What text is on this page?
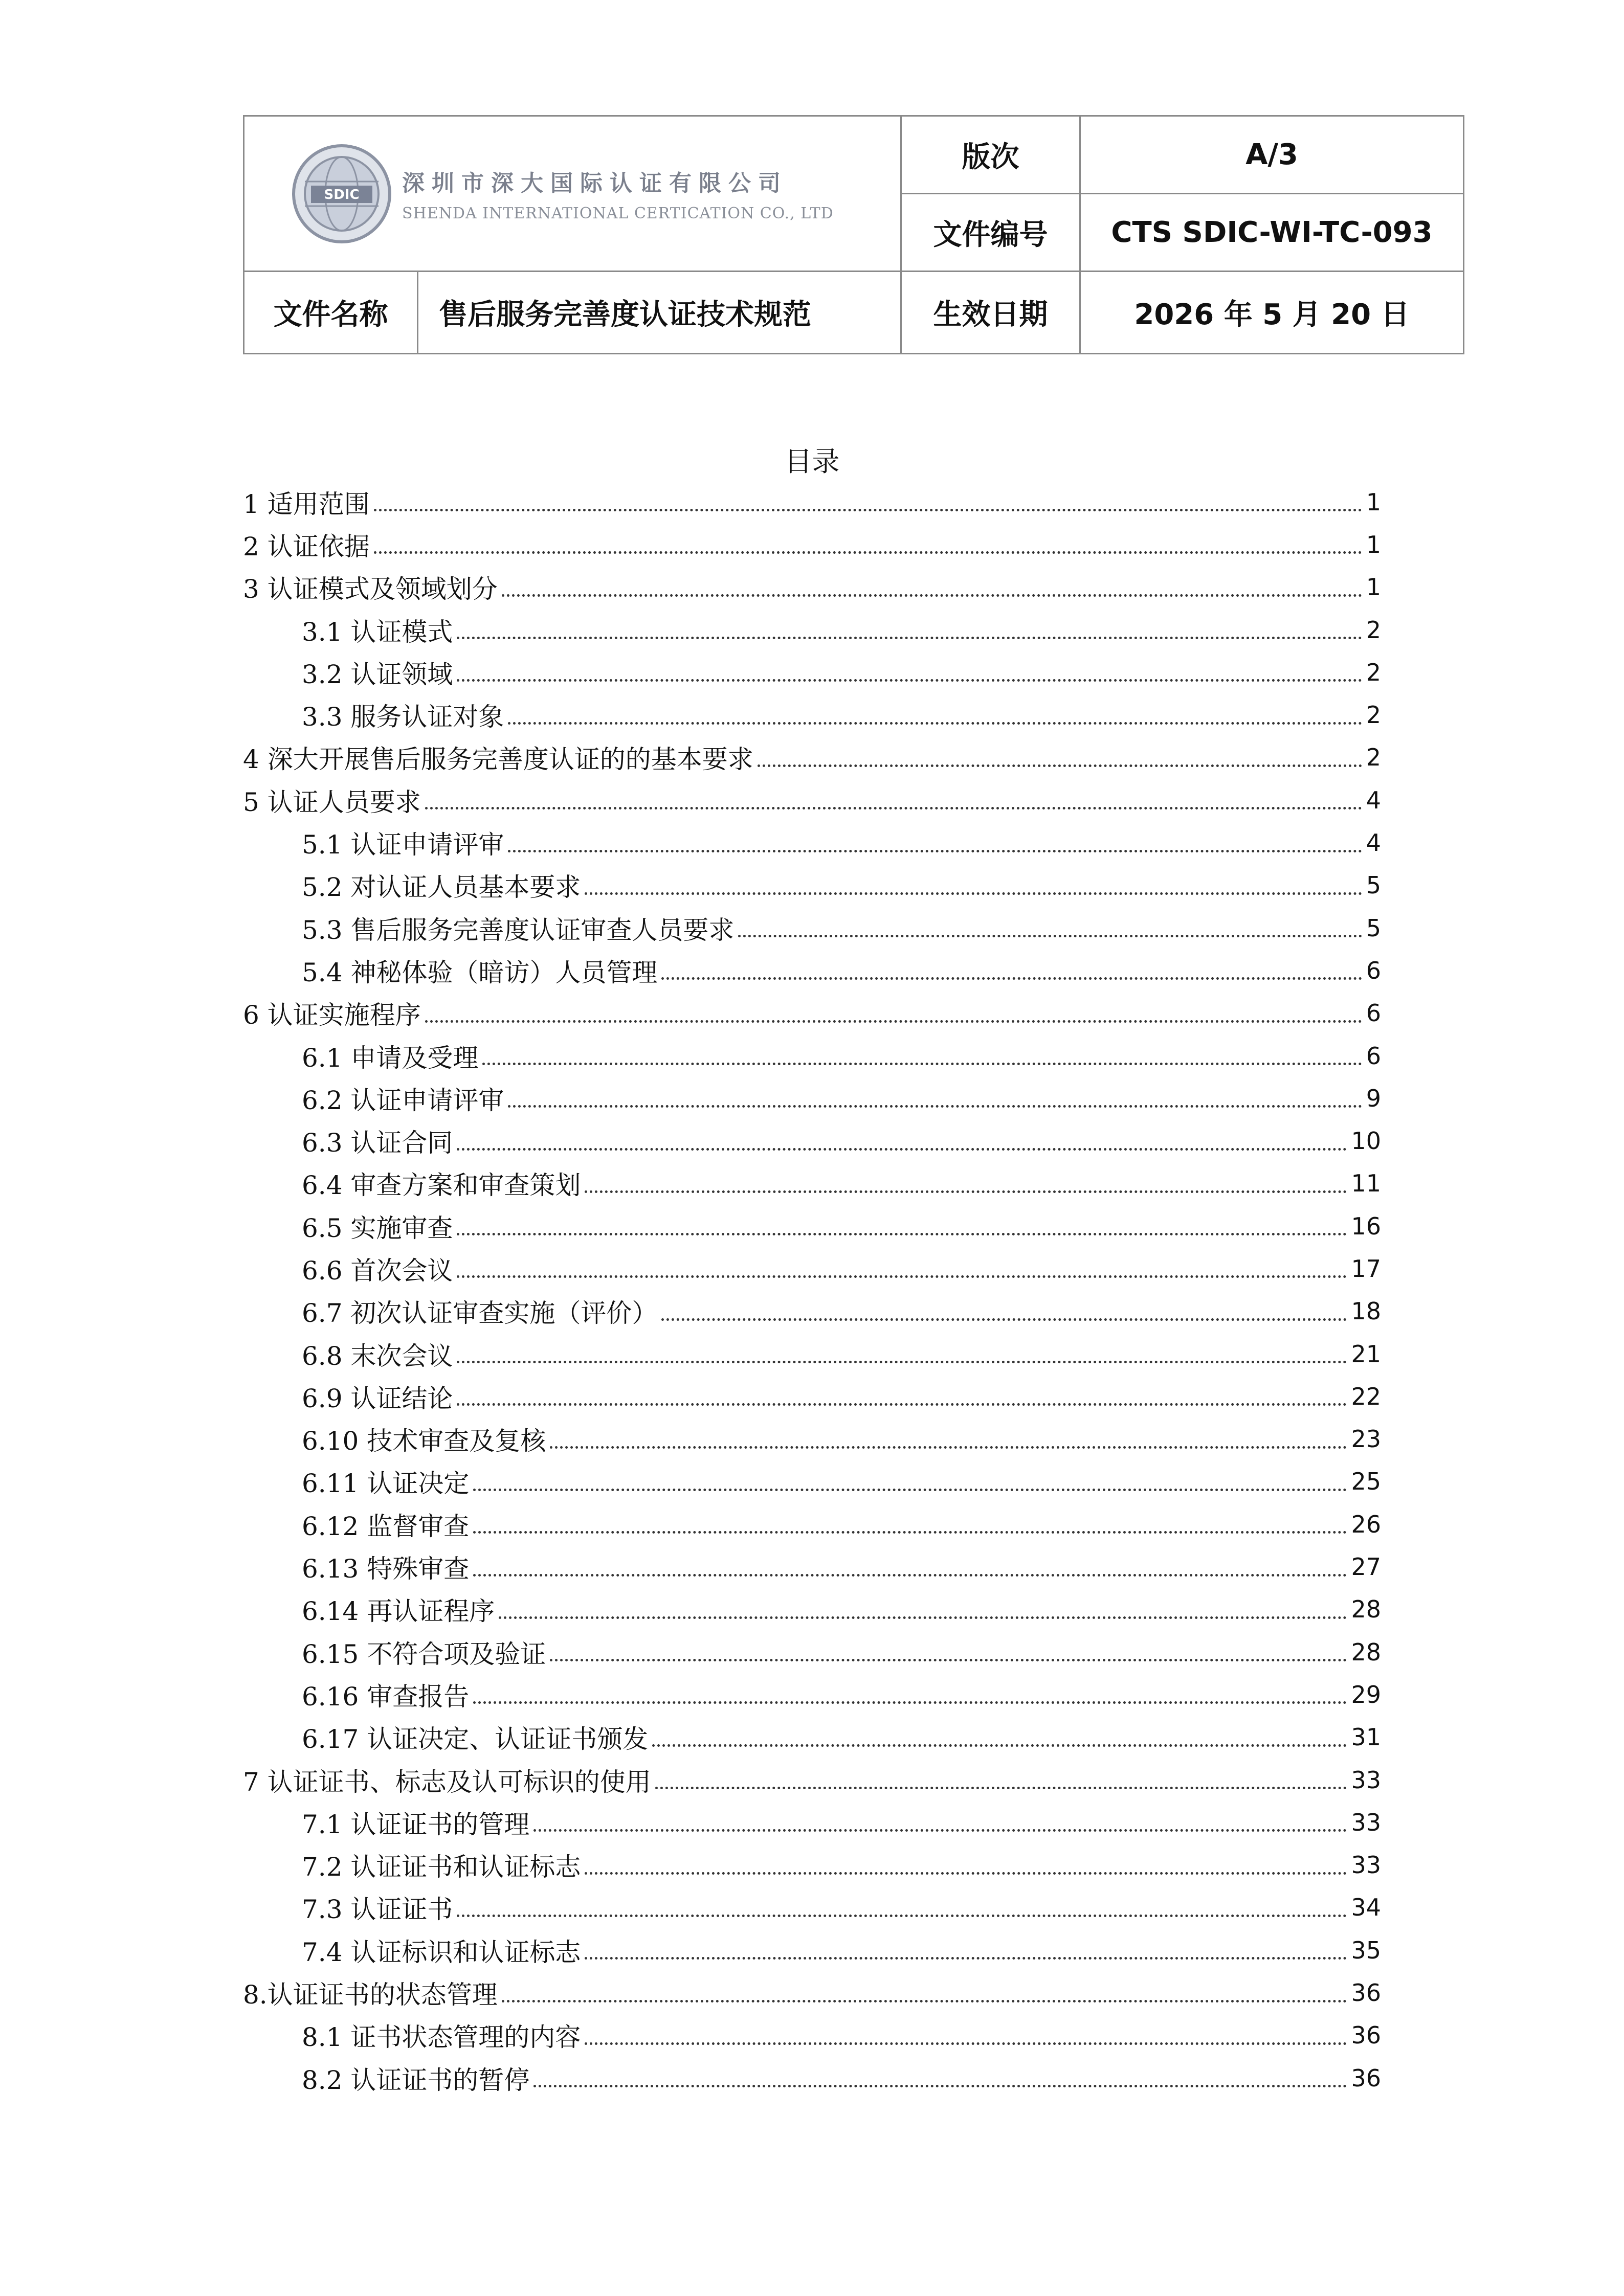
SDIC 深圳市深大国际认证有限公司
SHENDA INTERNATIONAL CERTICATION CO., LTD		版次	A/3
		文件编号	CTS SDIC-WI-TC-093
文件名称	售后服务完善度认证技术规范	生效日期	2026 年 5 月 20 日
目录
1 适用范围	1
2 认证依据	1
3 认证模式及领域划分	1
3.1 认证模式	2
3.2 认证领域	2
3.3 服务认证对象	2
4 深大开展售后服务完善度认证的的基本要求	2
5 认证人员要求	4
5.1 认证申请评审	4
5.2 对认证人员基本要求	5
5.3 售后服务完善度认证审查人员要求	5
5.4 神秘体验（暗访）人员管理	6
6 认证实施程序	6
6.1 申请及受理	6
6.2 认证申请评审	9
6.3 认证合同	10
6.4 审查方案和审查策划	11
6.5 实施审查	16
6.6 首次会议	17
6.7 初次认证审查实施（评价）	18
6.8 末次会议	21
6.9 认证结论	22
6.10 技术审查及复核	23
6.11 认证决定	25
6.12 监督审查	26
6.13 特殊审查	27
6.14 再认证程序	28
6.15 不符合项及验证	28
6.16 审查报告	29
6.17 认证决定、认证证书颁发	31
7 认证证书、标志及认可标识的使用	33
7.1 认证证书的管理	33
7.2 认证证书和认证标志	33
7.3 认证证书	34
7.4 认证标识和认证标志	35
8.认证证书的状态管理	36
8.1 证书状态管理的内容	36
8.2 认证证书的暂停	36
